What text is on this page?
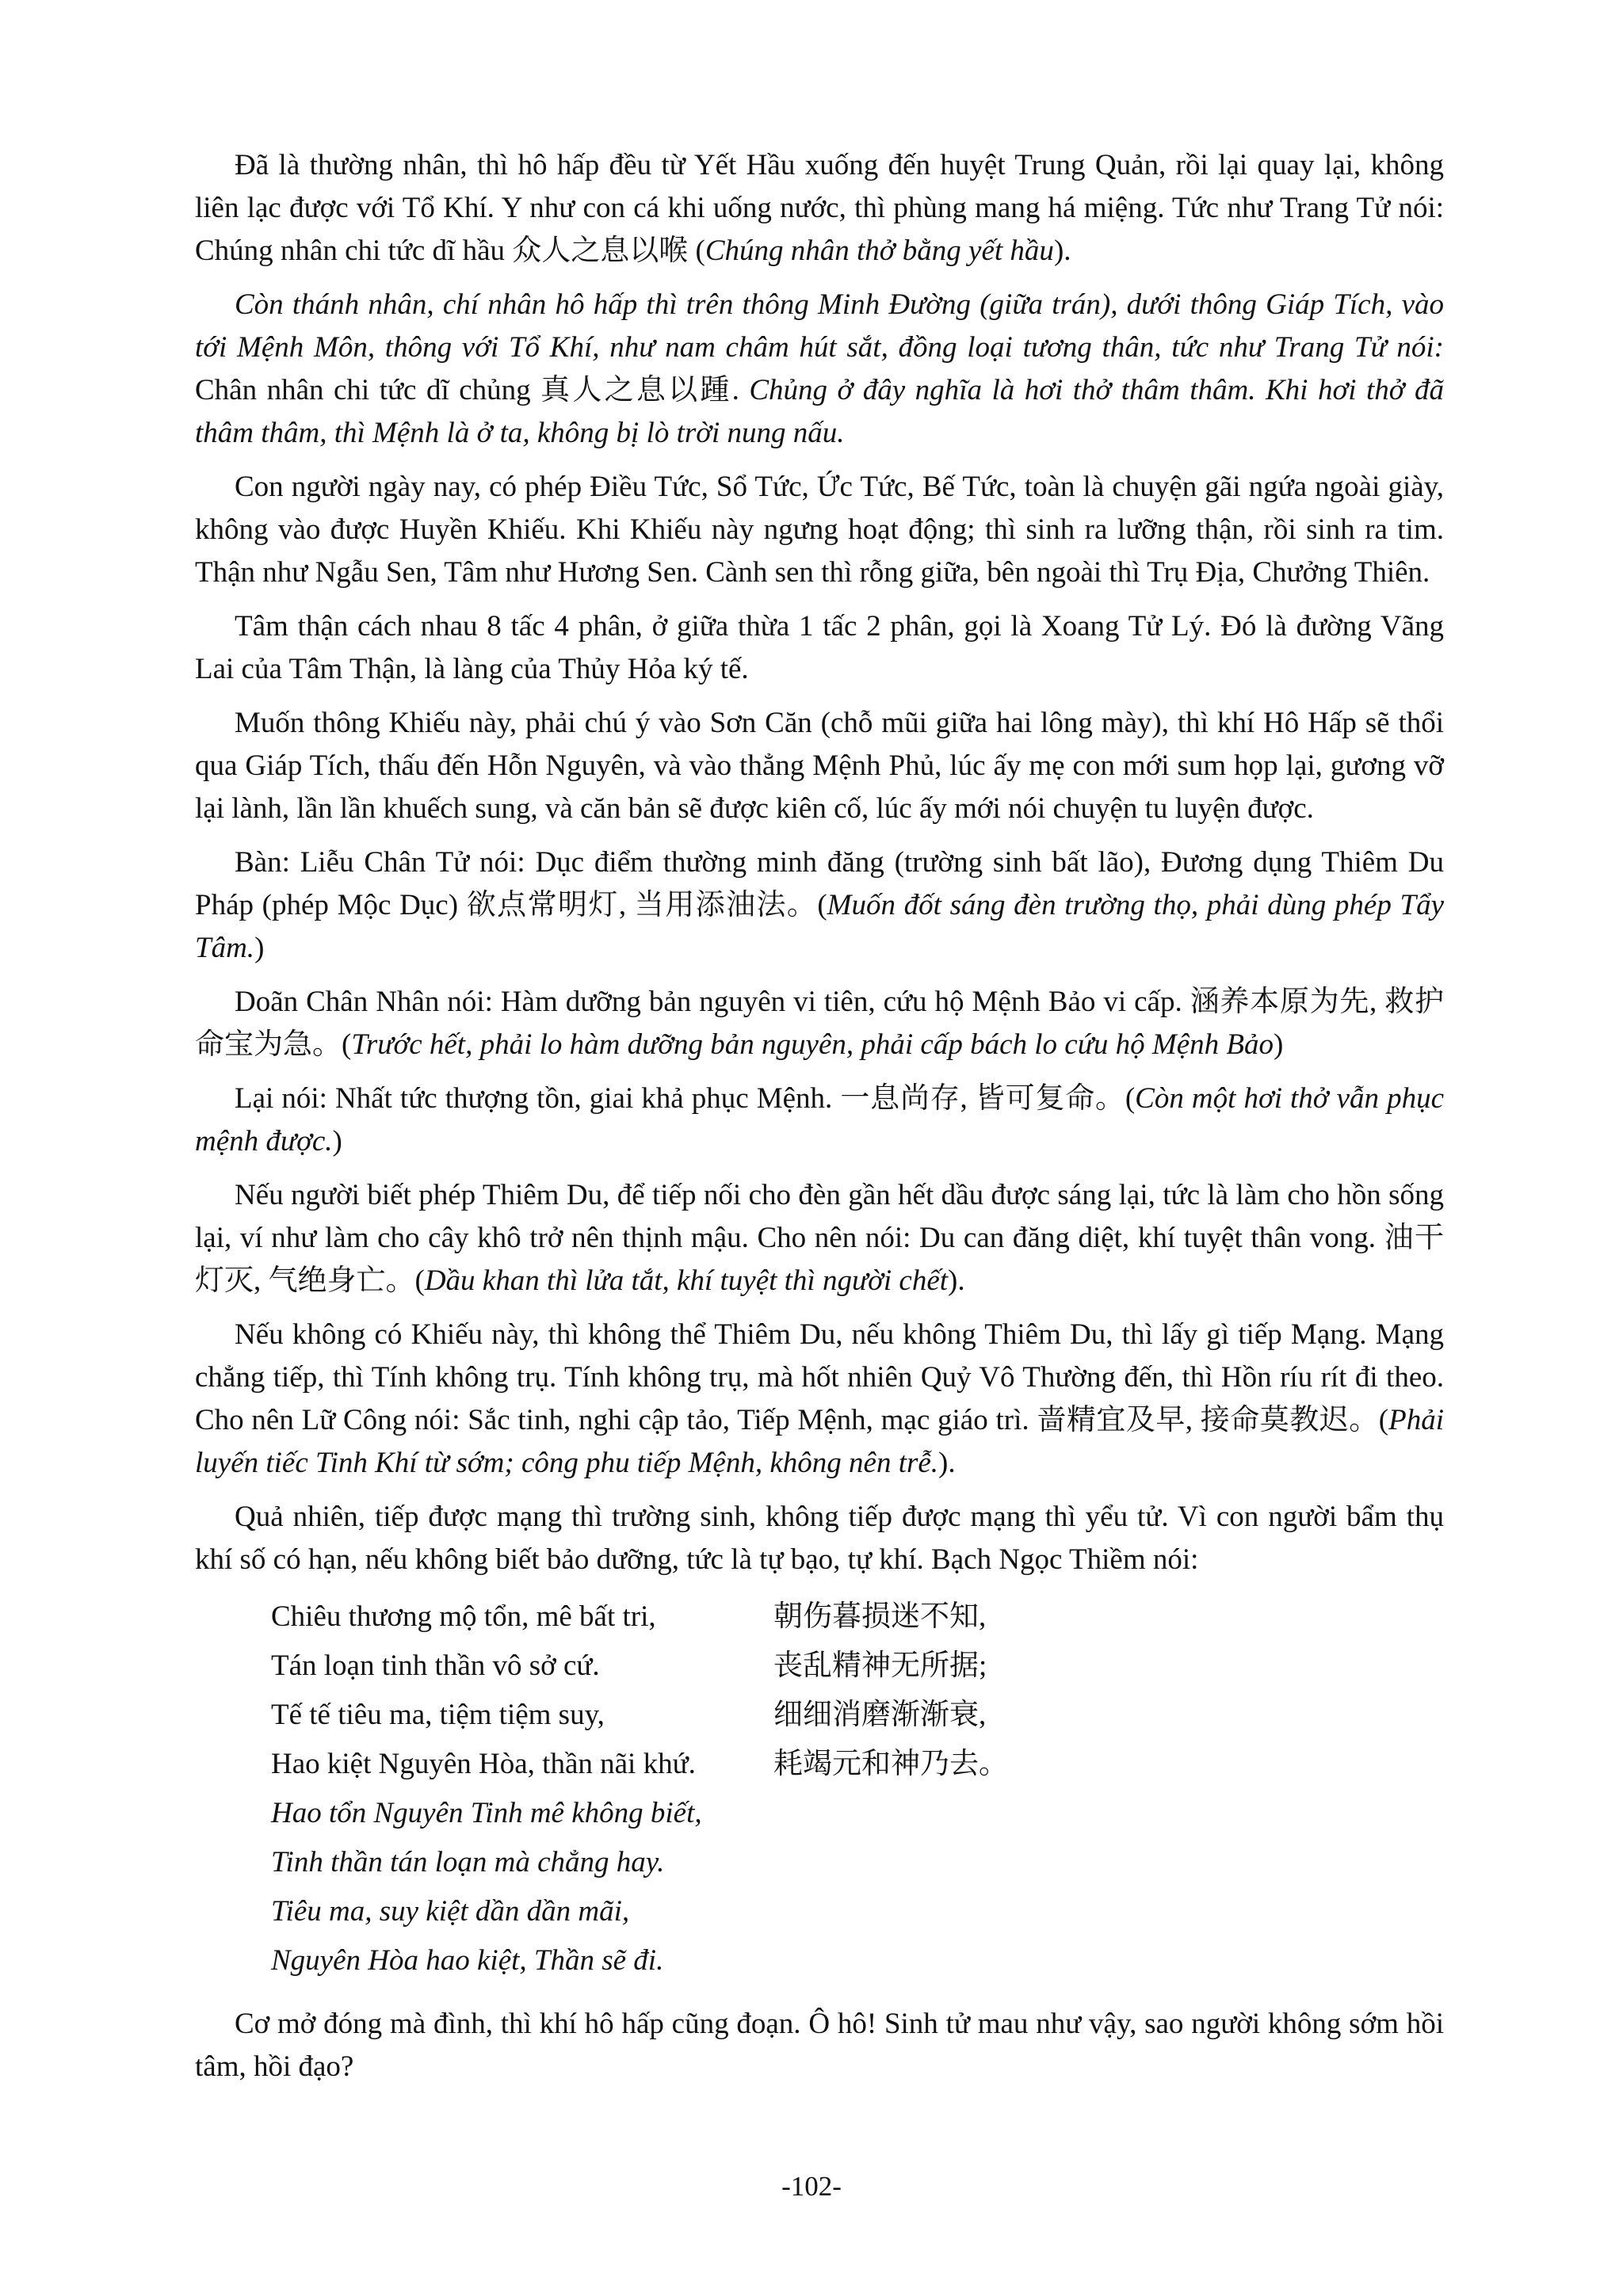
Đã là thường nhân, thì hô hấp đều từ Yết Hầu xuống đến huyệt Trung Quản, rồi lại quay lại, không liên lạc được với Tổ Khí. Y như con cá khi uống nước, thì phùng mang há miệng. Tức như Trang Tử nói: Chúng nhân chi tức dĩ hầu 众人之息以喉 (Chúng nhân thở bằng yết hầu).

Còn thánh nhân, chí nhân hô hấp thì trên thông Minh Đường (giữa trán), dưới thông Giáp Tích, vào tới Mệnh Môn, thông với Tổ Khí, như nam châm hút sắt, đồng loại tương thân, tức như Trang Tử nói: Chân nhân chi tức dĩ chủng 真人之息以踵. Chủng ở đây nghĩa là hơi thở thâm thâm. Khi hơi thở đã thâm thâm, thì Mệnh là ở ta, không bị lò trời nung nấu.

Con người ngày nay, có phép Điều Tức, Sổ Tức, Ức Tức, Bế Tức, toàn là chuyện gãi ngứa ngoài giày, không vào được Huyền Khiếu. Khi Khiếu này ngưng hoạt động; thì sinh ra lưỡng thận, rồi sinh ra tim. Thận như Ngẫu Sen, Tâm như Hương Sen. Cành sen thì rỗng giữa, bên ngoài thì Trụ Địa, Chưởng Thiên.

Tâm thận cách nhau 8 tấc 4 phân, ở giữa thừa 1 tấc 2 phân, gọi là Xoang Tử Lý. Đó là đường Vãng Lai của Tâm Thận, là làng của Thủy Hỏa ký tế.

Muốn thông Khiếu này, phải chú ý vào Sơn Căn (chỗ mũi giữa hai lông mày), thì khí Hô Hấp sẽ thổi qua Giáp Tích, thấu đến Hỗn Nguyên, và vào thẳng Mệnh Phủ, lúc ấy mẹ con mới sum họp lại, gương vỡ lại lành, lần lần khuếch sung, và căn bản sẽ được kiên cố, lúc ấy mới nói chuyện tu luyện được.

Bàn: Liễu Chân Tử nói: Dục điểm thường minh đăng (trường sinh bất lão), Đương dụng Thiêm Du Pháp (phép Mộc Dục) 欲点常明灯, 当用添油法。(Muốn đốt sáng đèn trường thọ, phải dùng phép Tẩy Tâm.)

Doãn Chân Nhân nói: Hàm dưỡng bản nguyên vi tiên, cứu hộ Mệnh Bảo vi cấp. 涵养本原为先, 救护命宝为急。(Trước hết, phải lo hàm dưỡng bản nguyên, phải cấp bách lo cứu hộ Mệnh Bảo)

Lại nói: Nhất tức thượng tồn, giai khả phục Mệnh. 一息尚存, 皆可复命。(Còn một hơi thở vẫn phục mệnh được.)

Nếu người biết phép Thiêm Du, để tiếp nối cho đèn gần hết dầu được sáng lại, tức là làm cho hồn sống lại, ví như làm cho cây khô trở nên thịnh mậu. Cho nên nói: Du can đăng diệt, khí tuyệt thân vong. 油干灯灭, 气绝身亡。(Dầu khan thì lửa tắt, khí tuyệt thì người chết).

Nếu không có Khiếu này, thì không thể Thiêm Du, nếu không Thiêm Du, thì lấy gì tiếp Mạng. Mạng chẳng tiếp, thì Tính không trụ. Tính không trụ, mà hốt nhiên Quỷ Vô Thường đến, thì Hồn ríu rít đi theo. Cho nên Lữ Công nói: Sắc tinh, nghi cập tảo, Tiếp Mệnh, mạc giáo trì. 啬精宜及早, 接命莫教迟。(Phải luyến tiếc Tinh Khí từ sớm; công phu tiếp Mệnh, không nên trễ.).

Quả nhiên, tiếp được mạng thì trường sinh, không tiếp được mạng thì yểu tử. Vì con người bẩm thụ khí số có hạn, nếu không biết bảo dưỡng, tức là tự bạo, tự khí. Bạch Ngọc Thiềm nói:

Chiêu thương mộ tổn, mê bất tri,	朝伤暮损迷不知,
Tán loạn tinh thần vô sở cứ.	丧乱精神无所据;
Tế tế tiêu ma, tiệm tiệm suy,	细细消磨渐渐衰,
Hao kiệt Nguyên Hòa, thần nãi khứ.	耗竭元和神乃去。
Hao tổn Nguyên Tinh mê không biết,
Tinh thần tán loạn mà chẳng hay.
Tiêu ma, suy kiệt dần dần mãi,
Nguyên Hòa hao kiệt, Thần sẽ đi.

Cơ mở đóng mà đình, thì khí hô hấp cũng đoạn. Ô hô! Sinh tử mau như vậy, sao người không sớm hồi tâm, hồi đạo?

-102-
